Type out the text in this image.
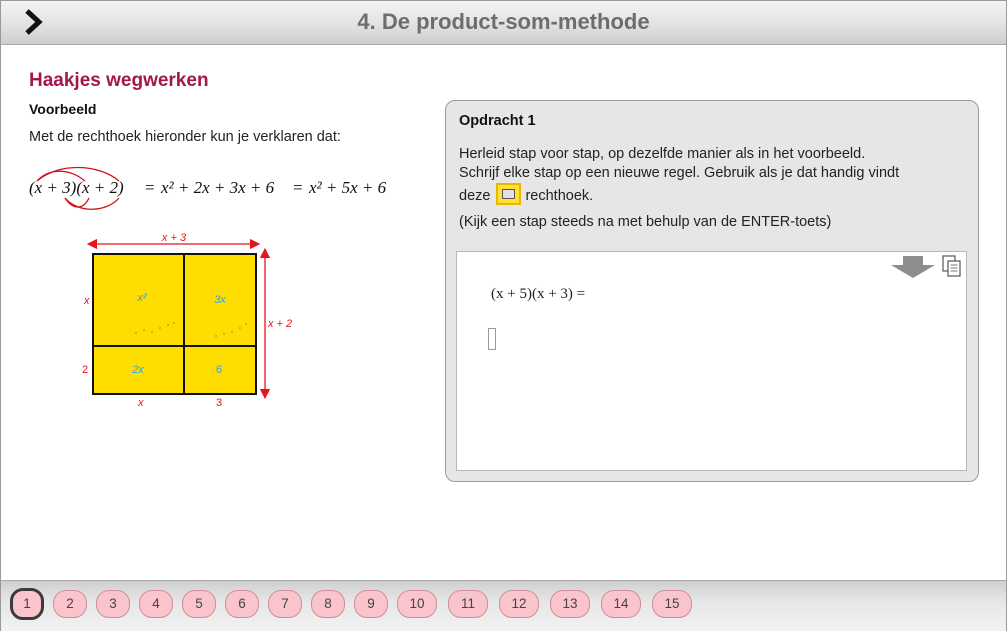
4. De product-som-methode
Haakjes wegwerken
Voorbeeld
Met de rechthoek hieronder kun je verklaren dat:
(x + 3)(x + 2) = x² + 2x + 3x + 6 = x² + 5x + 6
x + 3
x + 2
x²	3x
2x	6
x
2
x	3
Opdracht 1
Herleid stap voor stap, op dezelfde manier als in het voorbeeld.
Schrijf elke stap op een nieuwe regel. Gebruik als je dat handig vindt
deze rechthoek.
(Kijk een stap steeds na met behulp van de ENTER-toets)
(x + 5)(x + 3) =
1	2	3	4	5	6	7	8	9	10	11	12	13	14	15
